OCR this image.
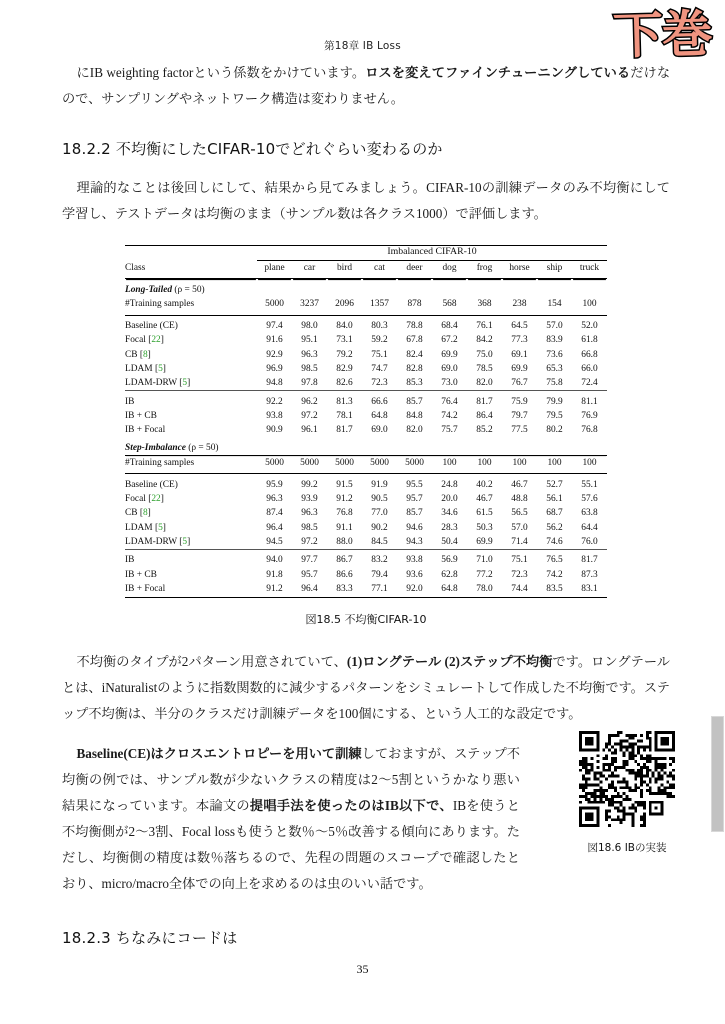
第18章 IB Loss	下巻

にIB weighting factorという係数をかけています。ロスを変えてファインチューニングしているだけなので、サンプリングやネットワーク構造は変わりません。

18.2.2 不均衡にしたCIFAR-10でどれぐらい変わるのか

理論的なことは後回しにして、結果から見てみましょう。CIFAR-10の訓練データのみ不均衡にして学習し、テストデータは均衡のまま（サンプル数は各クラス1000）で評価します。

	Imbalanced CIFAR-10									
Class	plane	car	bird	cat	deer	dog	frog	horse	ship	truck
Long-Tailed (ρ = 50)										
#Training samples	5000	3237	2096	1357	878	568	368	238	154	100
Baseline (CE)	97.4	98.0	84.0	80.3	78.8	68.4	76.1	64.5	57.0	52.0
Focal [22]	91.6	95.1	73.1	59.2	67.8	67.2	84.2	77.3	83.9	61.8
CB [8]	92.9	96.3	79.2	75.1	82.4	69.9	75.0	69.1	73.6	66.8
LDAM [5]	96.9	98.5	82.9	74.7	82.8	69.0	78.5	69.9	65.3	66.0
LDAM-DRW [5]	94.8	97.8	82.6	72.3	85.3	73.0	82.0	76.7	75.8	72.4
IB	92.2	96.2	81.3	66.6	85.7	76.4	81.7	75.9	79.9	81.1
IB + CB	93.8	97.2	78.1	64.8	84.8	74.2	86.4	79.7	79.5	76.9
IB + Focal	90.9	96.1	81.7	69.0	82.0	75.7	85.2	77.5	80.2	76.8
Step-Imbalance (ρ = 50)										
#Training samples	5000	5000	5000	5000	5000	100	100	100	100	100
Baseline (CE)	95.9	99.2	91.5	91.9	95.5	24.8	40.2	46.7	52.7	55.1
Focal [22]	96.3	93.9	91.2	90.5	95.7	20.0	46.7	48.8	56.1	57.6
CB [8]	87.4	96.3	76.8	77.0	85.7	34.6	61.5	56.5	68.7	63.8
LDAM [5]	96.4	98.5	91.1	90.2	94.6	28.3	50.3	57.0	56.2	64.4
LDAM-DRW [5]	94.5	97.2	88.0	84.5	94.3	50.4	69.9	71.4	74.6	76.0
IB	94.0	97.7	86.7	83.2	93.8	56.9	71.0	75.1	76.5	81.7
IB + CB	91.8	95.7	86.6	79.4	93.6	62.8	77.2	72.3	74.2	87.3
IB + Focal	91.2	96.4	83.3	77.1	92.0	64.8	78.0	74.4	83.5	83.1

図18.5 不均衡CIFAR-10

不均衡のタイプが2パターン用意されていて、(1)ロングテール (2)ステップ不均衡です。ロングテールとは、iNaturalistのように指数関数的に減少するパターンをシミュレートして作成した不均衡です。ステップ不均衡は、半分のクラスだけ訓練データを100個にする、という人工的な設定です。

Baseline(CE)はクロスエントロピーを用いて訓練しておますが、ステップ不均衡の例では、サンプル数が少ないクラスの精度は2〜5割というかなり悪い結果になっています。本論文の提唱手法を使ったのはIB以下で、IBを使うと不均衡側が2〜3割、Focal lossも使うと数％〜5％改善する傾向にあります。ただし、均衡側の精度は数％落ちるので、先程の問題のスコープで確認したとおり、micro/macro全体での向上を求めるのは虫のいい話です。

18.2.3 ちなみにコードは
図18.6 IBの実装
35
